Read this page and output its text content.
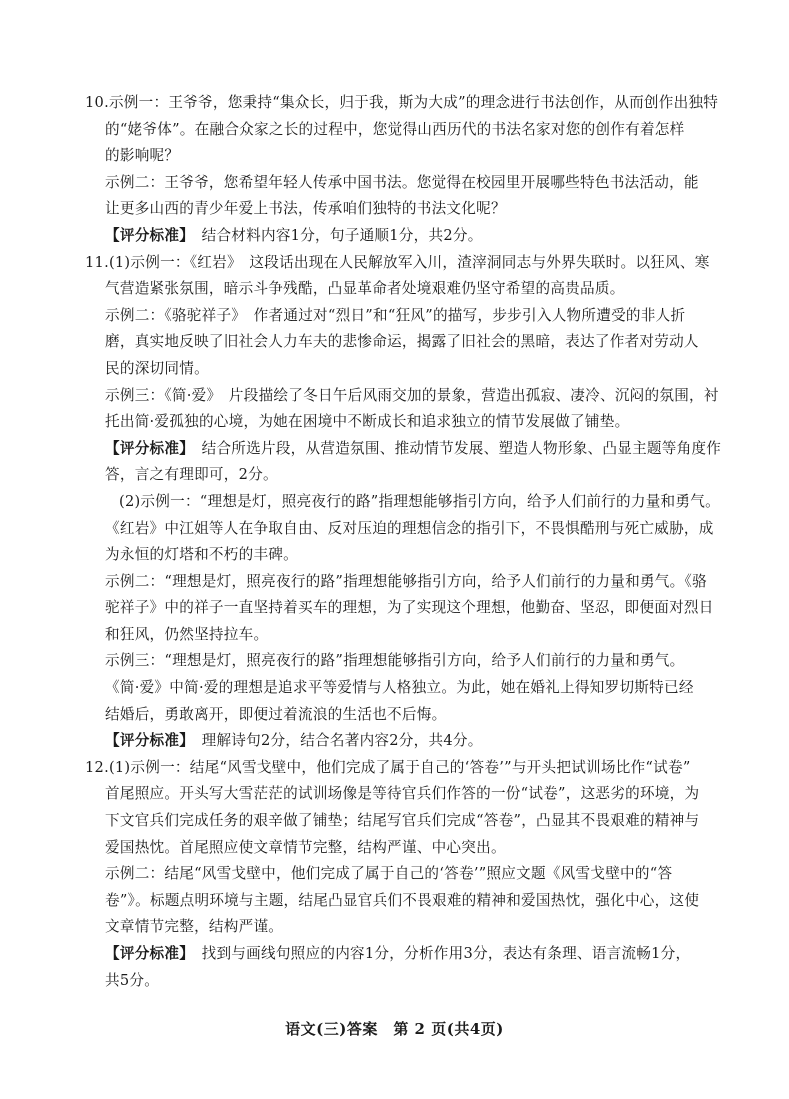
10.示例一：王爷爷，您秉持“集众长，归于我，斯为大成”的理念进行书法创作，从而创作出独特
的“姥爷体”。在融合众家之长的过程中，您觉得山西历代的书法名家对您的创作有着怎样
的影响呢？
示例二：王爷爷，您希望年轻人传承中国书法。您觉得在校园里开展哪些特色书法活动，能
让更多山西的青少年爱上书法，传承咱们独特的书法文化呢？
【评分标准】　结合材料内容1分，句子通顺1分，共2分。
11.(1)示例一：《红岩》　这段话出现在人民解放军入川，渣滓洞同志与外界失联时。以狂风、寒
气营造紧张氛围，暗示斗争残酷，凸显革命者处境艰难仍坚守希望的高贵品质。
示例二：《骆驼祥子》　作者通过对“烈日”和“狂风”的描写，步步引入人物所遭受的非人折
磨，真实地反映了旧社会人力车夫的悲惨命运，揭露了旧社会的黑暗，表达了作者对劳动人
民的深切同情。
示例三：《简·爱》　片段描绘了冬日午后风雨交加的景象，营造出孤寂、凄冷、沉闷的氛围，衬
托出简·爱孤独的心境，为她在困境中不断成长和追求独立的情节发展做了铺垫。
【评分标准】　结合所选片段，从营造氛围、推动情节发展、塑造人物形象、凸显主题等角度作
答，言之有理即可，2分。
(2)示例一：“理想是灯，照亮夜行的路”指理想能够指引方向，给予人们前行的力量和勇气。
《红岩》中江姐等人在争取自由、反对压迫的理想信念的指引下，不畏惧酷刑与死亡威胁，成
为永恒的灯塔和不朽的丰碑。
示例二：“理想是灯，照亮夜行的路”指理想能够指引方向，给予人们前行的力量和勇气。《骆
驼祥子》中的祥子一直坚持着买车的理想，为了实现这个理想，他勤奋、坚忍，即便面对烈日
和狂风，仍然坚持拉车。
示例三：“理想是灯，照亮夜行的路”指理想能够指引方向，给予人们前行的力量和勇气。
《简·爱》中简·爱的理想是追求平等爱情与人格独立。为此，她在婚礼上得知罗切斯特已经
结婚后，勇敢离开，即便过着流浪的生活也不后悔。
【评分标准】　理解诗句2分，结合名著内容2分，共4分。
12.(1)示例一：结尾“风雪戈壁中，他们完成了属于自己的‘答卷’”与开头把试训场比作“试卷”
首尾照应。开头写大雪茫茫的试训场像是等待官兵们作答的一份“试卷”，这恶劣的环境，为
下文官兵们完成任务的艰辛做了铺垫；结尾写官兵们完成“答卷”，凸显其不畏艰难的精神与
爱国热忱。首尾照应使文章情节完整，结构严谨、中心突出。
示例二：结尾“风雪戈壁中，他们完成了属于自己的‘答卷’”照应文题《风雪戈壁中的“答
卷”》。标题点明环境与主题，结尾凸显官兵们不畏艰难的精神和爱国热忱，强化中心，这使
文章情节完整，结构严谨。
【评分标准】　找到与画线句照应的内容1分，分析作用3分，表达有条理、语言流畅1分，
共5分。
语文(三)答案　第 2 页(共4页)
